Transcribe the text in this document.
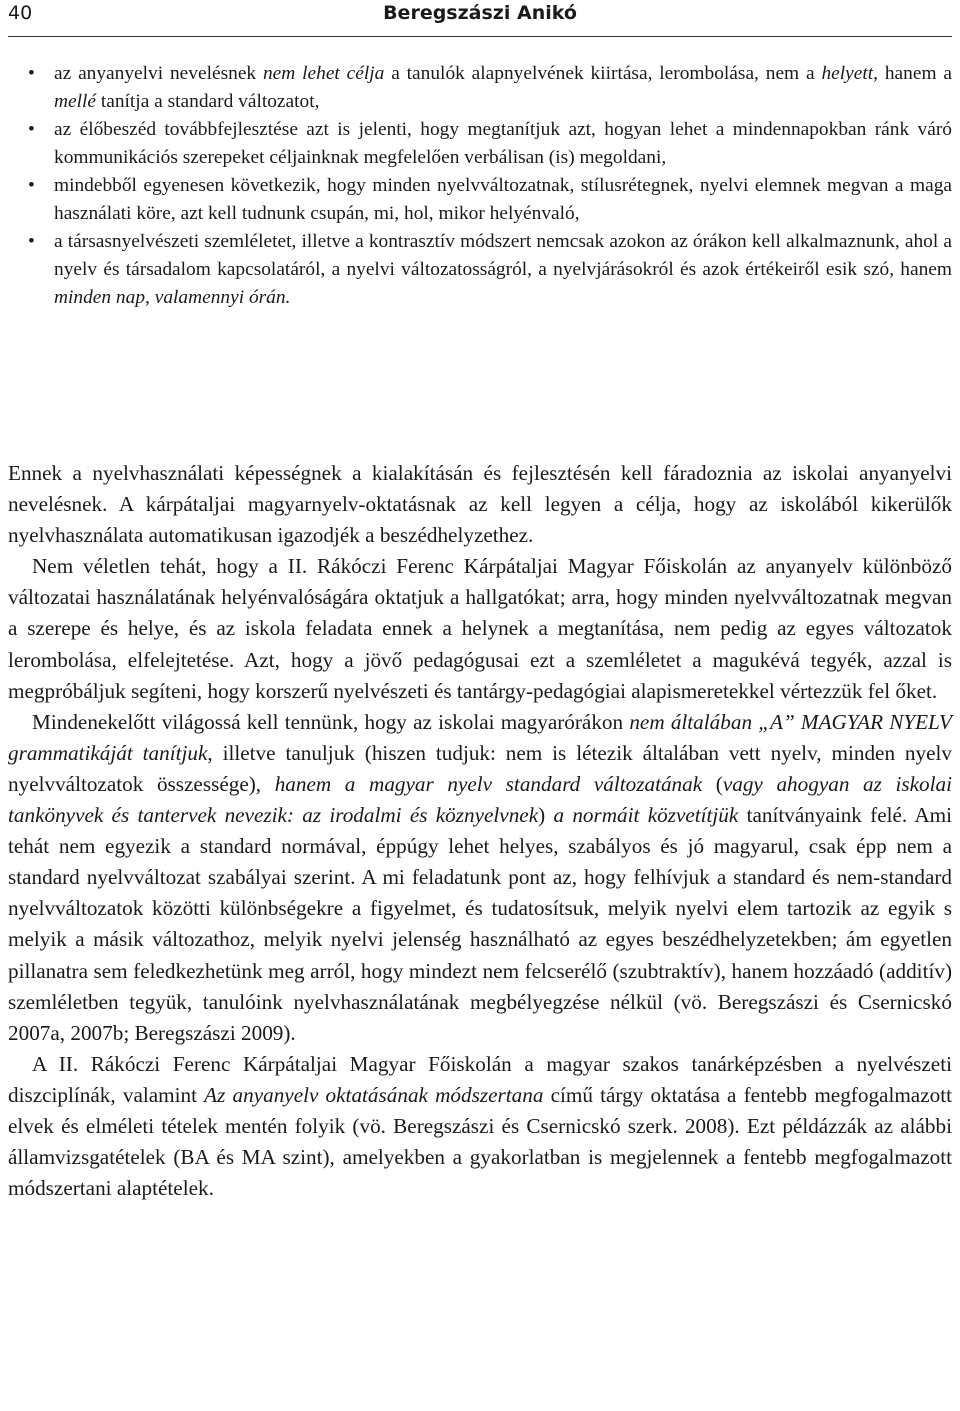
40	Beregszászi Anikó
• az anyanyelvi nevelésnek nem lehet célja a tanulók alapnyelvének kiirtása, lerombolása, nem a helyett, hanem a mellé tanítja a standard változatot,
• az élőbeszéd továbbfejlesztése azt is jelenti, hogy megtanítjuk azt, hogyan lehet a mindennapokban ránk váró kommunikációs szerepeket céljainknak megfelelően verbálisan (is) megoldani,
• mindebből egyenesen következik, hogy minden nyelvváltozatnak, stílusrétegnek, nyelvi elemnek megvan a maga használati köre, azt kell tudnunk csupán, mi, hol, mikor helyénvaló,
• a társasnyelvészeti szemléletet, illetve a kontrasztív módszert nemcsak azokon az órákon kell alkalmaznunk, ahol a nyelv és társadalom kapcsolatáról, a nyelvi változatosságról, a nyelvjárásokról és azok értékeiről esik szó, hanem minden nap, valamennyi órán.

Ennek a nyelvhasználati képességnek a kialakításán és fejlesztésén kell fáradoznia az iskolai anyanyelvi nevelésnek. A kárpátaljai magyarnyelv-oktatásnak az kell legyen a célja, hogy az iskolából kikerülők nyelvhasználata automatikusan igazodjék a beszédhelyzethez.

Nem véletlen tehát, hogy a II. Rákóczi Ferenc Kárpátaljai Magyar Főiskolán az anyanyelv különböző változatai használatának helyénvalóságára oktatjuk a hallgatókat; arra, hogy minden nyelvváltozatnak megvan a szerepe és helye, és az iskola feladata ennek a helynek a megtanítása, nem pedig az egyes változatok lerombolása, elfelejtetése. Azt, hogy a jövő pedagógusai ezt a szemléletet a magukévá tegyék, azzal is megpróbáljuk segíteni, hogy korszerű nyelvészeti és tantárgy-pedagógiai alapismeretekkel vértezzük fel őket.

Mindenekelőtt világossá kell tennünk, hogy az iskolai magyarórákon nem általában „A” MAGYAR NYELV grammatikáját tanítjuk, illetve tanuljuk (hiszen tudjuk: nem is létezik általában vett nyelv, minden nyelv nyelvváltozatok összessége), hanem a magyar nyelv standard változatának (vagy ahogyan az iskolai tankönyvek és tantervek nevezik: az irodalmi és köznyelvnek) a normáit közvetítjük tanítványaink felé. Ami tehát nem egyezik a standard normával, éppúgy lehet helyes, szabályos és jó magyarul, csak épp nem a standard nyelvváltozat szabályai szerint. A mi feladatunk pont az, hogy felhívjuk a standard és nem-standard nyelvváltozatok közötti különbségekre a figyelmet, és tudatosítsuk, melyik nyelvi elem tartozik az egyik s melyik a másik változathoz, melyik nyelvi jelenség használható az egyes beszédhelyzetekben; ám egyetlen pillanatra sem feledkezhetünk meg arról, hogy mindezt nem felcserélő (szubtraktív), hanem hozzáadó (additív) szemléletben tegyük, tanulóink nyelvhasználatának megbélyegzése nélkül (vö. Beregszászi és Csernicskó 2007a, 2007b; Beregszászi 2009).

A II. Rákóczi Ferenc Kárpátaljai Magyar Főiskolán a magyar szakos tanárképzésben a nyelvészeti diszciplínák, valamint Az anyanyelv oktatásának módszertana című tárgy oktatása a fentebb megfogalmazott elvek és elméleti tételek mentén folyik (vö. Beregszászi és Csernicskó szerk. 2008). Ezt példázzák az alábbi államvizsgatételek (BA és MA szint), amelyekben a gyakorlatban is megjelennek a fentebb megfogalmazott módszertani alaptételek.
